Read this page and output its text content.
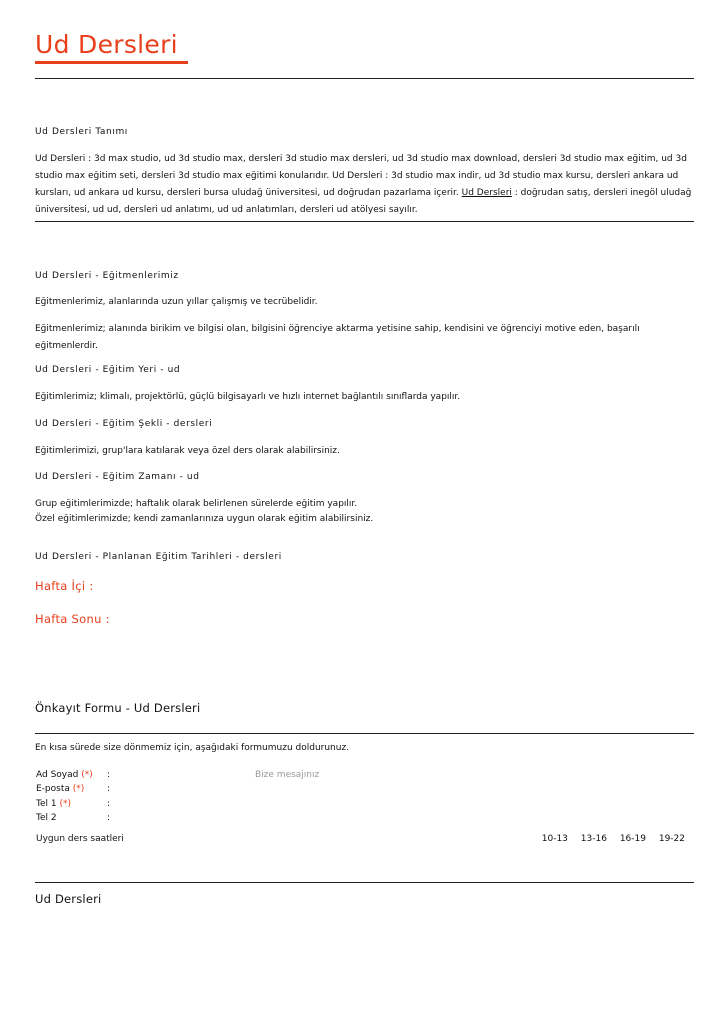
Ud Dersleri
Ud Dersleri Tanımı
Ud Dersleri : 3d max studio, ud 3d studio max, dersleri 3d studio max dersleri, ud 3d studio max download, dersleri 3d studio max eğitim, ud 3d studio max eğitim seti, dersleri 3d studio max eğitimi konularıdır. Ud Dersleri : 3d studio max indir, ud 3d studio max kursu, dersleri ankara ud kursları, ud ankara ud kursu, dersleri bursa uludağ üniversitesi, ud doğrudan pazarlama içerir. Ud Dersleri : doğrudan satış, dersleri inegöl uludağ üniversitesi, ud ud, dersleri ud anlatımı, ud ud anlatımları, dersleri ud atölyesi sayılır.
Ud Dersleri - Eğitmenlerimiz
Eğitmenlerimiz, alanlarında uzun yıllar çalışmış ve tecrübelidir.
Eğitmenlerimiz; alanında birikim ve bilgisi olan, bilgisini öğrenciye aktarma yetisine sahip, kendisini ve öğrenciyi motive eden, başarılı eğitmenlerdir.
Ud Dersleri - Eğitim Yeri - ud
Eğitimlerimiz; klimalı, projektörlü, güçlü bilgisayarlı ve hızlı internet bağlantılı sınıflarda yapılır.
Ud Dersleri - Eğitim Şekli - dersleri
Eğitimlerimizi, grup'lara katılarak veya özel ders olarak alabilirsiniz.
Ud Dersleri - Eğitim Zamanı - ud
Grup eğitimlerimizde; haftalık olarak belirlenen sürelerde eğitim yapılır.
Özel eğitimlerimizde; kendi zamanlarınıza uygun olarak eğitim alabilirsiniz.
Ud Dersleri - Planlanan Eğitim Tarihleri - dersleri
Hafta İçi :
Hafta Sonu :
Önkayıt Formu - Ud Dersleri
En kısa sürede size dönmemiz için, aşağıdaki formumuzu doldurunuz.
Ad Soyad (*) :	Bize mesajınız
E-posta (*)	:
Tel 1 (*)	:
Tel 2	:
Uygun ders saatleri	10-13 13-16 16-19 19-22
Ud Dersleri
